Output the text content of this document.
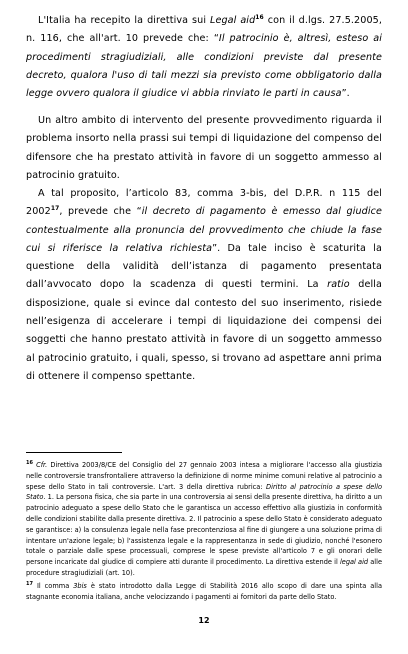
L'Italia ha recepito la direttiva sui Legal aid$^{16}$ con il d.lgs. 27.5.2005, n. 116, che all'art. 10 prevede che: “Il patrocinio è, altresì, esteso ai procedimenti stragiudiziali, alle condizioni previste dal presente decreto, qualora l'uso di tali mezzi sia previsto come obbligatorio dalla legge ovvero qualora il giudice vi abbia rinviato le parti in causa”.

Un altro ambito di intervento del presente provvedimento riguarda il problema insorto nella prassi sui tempi di liquidazione del compenso del difensore che ha prestato attività in favore di un soggetto ammesso al patrocinio gratuito.

A tal proposito, l’articolo 83, comma 3-bis, del D.P.R. n 115 del 2002$^{17}$, prevede che “il decreto di pagamento è emesso dal giudice contestualmente alla pronuncia del provvedimento che chiude la fase cui si riferisce la relativa richiesta”. Da tale inciso è scaturita la questione della validità dell’istanza di pagamento presentata dall’avvocato dopo la scadenza di questi termini. La ratio della disposizione, quale si evince dal contesto del suo inserimento, risiede nell’esigenza di accelerare i tempi di liquidazione dei compensi dei soggetti che hanno prestato attività in favore di un soggetto ammesso al patrocinio gratuito, i quali, spesso, si trovano ad aspettare anni prima di ottenere il compenso spettante.

$^{16}$ Cfr. Direttiva 2003/8/CE del Consiglio del 27 gennaio 2003 intesa a migliorare l'accesso alla giustizia nelle controversie transfrontaliere attraverso la definizione di norme minime comuni relative al patrocinio a spese dello Stato in tali controversie. L'art. 3 della direttiva rubrica: Diritto al patrocinio a spese dello Stato. 1. La persona fisica, che sia parte in una controversia ai sensi della presente direttiva, ha diritto a un patrocinio adeguato a spese dello Stato che le garantisca un accesso effettivo alla giustizia in conformità delle condizioni stabilite dalla presente direttiva. 2. Il patrocinio a spese dello Stato è considerato adeguato se garantisce: a) la consulenza legale nella fase precontenziosa al fine di giungere a una soluzione prima di intentare un'azione legale; b) l'assistenza legale e la rappresentanza in sede di giudizio, nonché l'esonero totale o parziale dalle spese processuali, comprese le spese previste all'articolo 7 e gli onorari delle persone incaricate dal giudice di compiere atti durante il procedimento. La direttiva estende il legal aid alle procedure stragiudiziali (art. 10).

$^{17}$ Il comma 3bis è stato introdotto dalla Legge di Stabilità 2016 allo scopo di dare una spinta alla stagnante economia italiana, anche velocizzando i pagamenti ai fornitori da parte dello Stato.

12
